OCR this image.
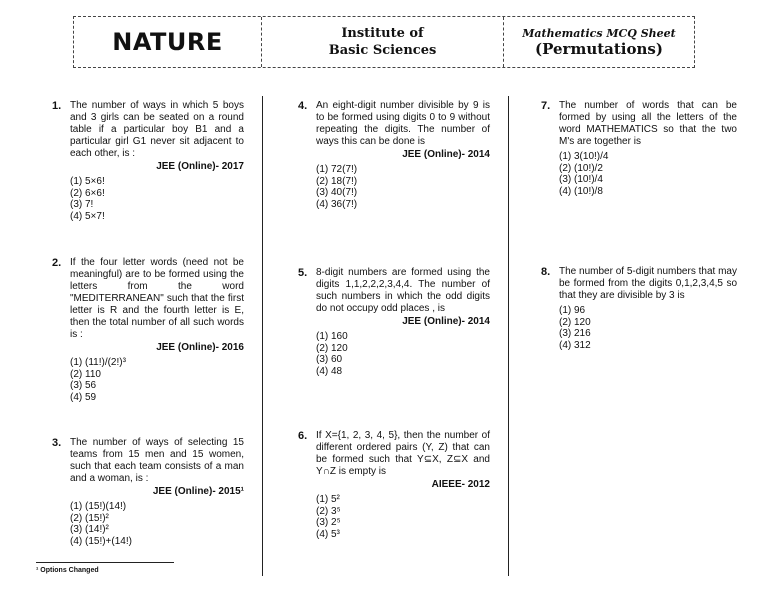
NATURE	Institute of
Basic Sciences
Mathematics MCQ Sheet
(Permutations)
1. The number of ways in which 5 boys and 3 girls can be seated on a round table if a particular boy B1 and a particular girl G1 never sit adjacent to each other, is :
JEE (Online)- 2017
(1) 5×6!
(2) 6×6!
(3) 7!
(4) 5×7!
2. If the four letter words (need not be meaningful) are to be formed using the letters from the word "MEDITERRANEAN" such that the first letter is R and the fourth letter is E, then the total number of all such words is :
JEE (Online)- 2016
(1) (11!)/(2!)³
(2) 110
(3) 56
(4) 59
3. The number of ways of selecting 15 teams from 15 men and 15 women, such that each team consists of a man and a woman, is :
JEE (Online)- 2015¹
(1) (15!)(14!)
(2) (15!)²
(3) (14!)²
(4) (15!)+(14!)
4. An eight-digit number divisible by 9 is to be formed using digits 0 to 9 without repeating the digits. The number of ways this can be done is
JEE (Online)- 2014
(1) 72(7!)
(2) 18(7!)
(3) 40(7!)
(4) 36(7!)
5. 8-digit numbers are formed using the digits 1,1,2,2,2,3,4,4. The number of such numbers in which the odd digits do not occupy odd places , is
JEE (Online)- 2014
(1) 160
(2) 120
(3) 60
(4) 48
6. If X={1, 2, 3, 4, 5}, then the number of different ordered pairs (Y, Z) that can be formed such that Y⊆X, Z⊆X and Y∩Z is empty is
AIEEE- 2012
(1) 5²
(2) 3⁵
(3) 2⁵
(4) 5³
7. The number of words that can be formed by using all the letters of the word MATHEMATICS so that the two M's are together is
(1) 3(10!)/4
(2) (10!)/2
(3) (10!)/4
(4) (10!)/8
8. The number of 5-digit numbers that may be formed from the digits 0,1,2,3,4,5 so that they are divisible by 3 is
(1) 96
(2) 120
(3) 216
(4) 312
¹ Options Changed
